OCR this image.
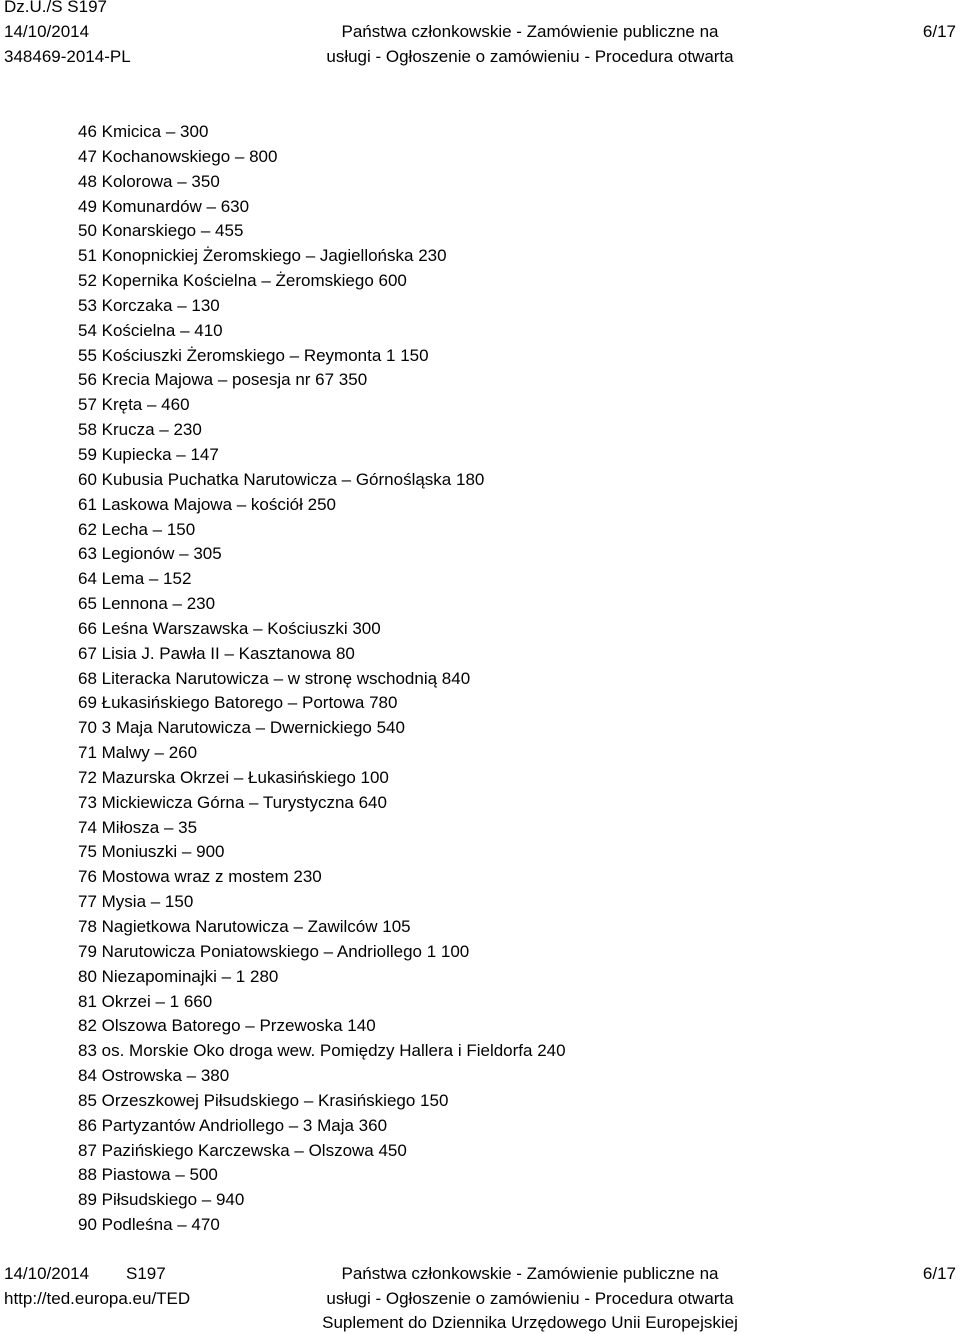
Dz.U./S S197
14/10/2014
348469-2014-PL
Państwa członkowskie - Zamówienie publiczne na
usługi - Ogłoszenie o zamówieniu - Procedura otwarta
6/17
46 Kmicica – 300
47 Kochanowskiego – 800
48 Kolorowa – 350
49 Komunardów – 630
50 Konarskiego – 455
51 Konopnickiej Żeromskiego – Jagiellońska 230
52 Kopernika Kościelna – Żeromskiego 600
53 Korczaka – 130
54 Kościelna – 410
55 Kościuszki Żeromskiego – Reymonta 1 150
56 Krecia Majowa – posesja nr 67 350
57 Kręta – 460
58 Krucza – 230
59 Kupiecka – 147
60 Kubusia Puchatka Narutowicza – Górnośląska 180
61 Laskowa Majowa – kościół 250
62 Lecha – 150
63 Legionów – 305
64 Lema – 152
65 Lennona – 230
66 Leśna Warszawska – Kościuszki 300
67 Lisia J. Pawła II – Kasztanowa 80
68 Literacka Narutowicza – w stronę wschodnią 840
69 Łukasińskiego Batorego – Portowa 780
70 3 Maja Narutowicza – Dwernickiego 540
71 Malwy – 260
72 Mazurska Okrzei – Łukasińskiego 100
73 Mickiewicza Górna – Turystyczna 640
74 Miłosza – 35
75 Moniuszki – 900
76 Mostowa wraz z mostem 230
77 Mysia – 150
78 Nagietkowa Narutowicza – Zawilców 105
79 Narutowicza Poniatowskiego – Andriollego 1 100
80 Niezapominajki – 1 280
81 Okrzei – 1 660
82 Olszowa Batorego – Przewoska 140
83 os. Morskie Oko droga wew. Pomiędzy Hallera i Fieldorfa 240
84 Ostrowska – 380
85 Orzeszkowej Piłsudskiego – Krasińskiego 150
86 Partyzantów Andriollego – 3 Maja 360
87 Pazińskiego Karczewska – Olszowa 450
88 Piastowa – 500
89 Piłsudskiego – 940
90 Podleśna – 470
14/10/2014 S197
http://ted.europa.eu/TED
Państwa członkowskie - Zamówienie publiczne na
usługi - Ogłoszenie o zamówieniu - Procedura otwarta
Suplement do Dziennika Urzędowego Unii Europejskiej
6/17
